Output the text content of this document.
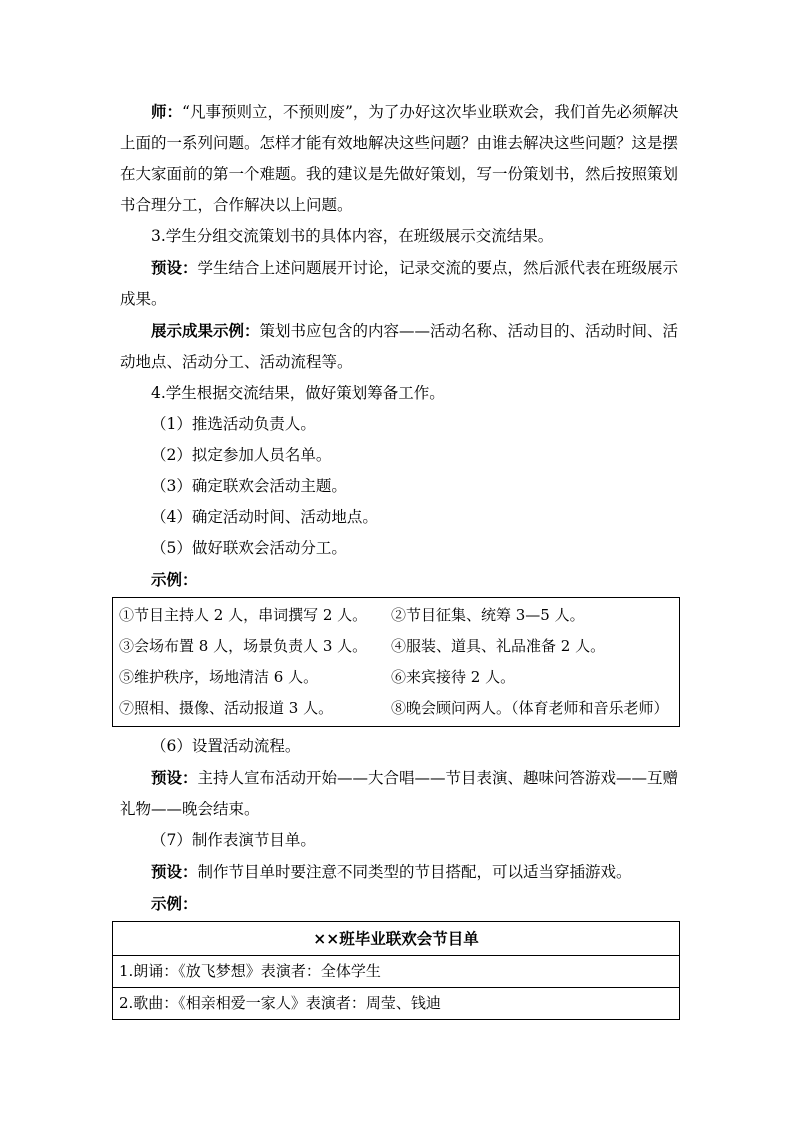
师：“凡事预则立，不预则废”，为了办好这次毕业联欢会，我们首先必须解决上面的一系列问题。怎样才能有效地解决这些问题？由谁去解决这些问题？这是摆在大家面前的第一个难题。我的建议是先做好策划，写一份策划书，然后按照策划书合理分工，合作解决以上问题。

3.学生分组交流策划书的具体内容，在班级展示交流结果。

预设：学生结合上述问题展开讨论，记录交流的要点，然后派代表在班级展示成果。

展示成果示例：策划书应包含的内容——活动名称、活动目的、活动时间、活动地点、活动分工、活动流程等。

4.学生根据交流结果，做好策划筹备工作。

（1）推选活动负责人。

（2）拟定参加人员名单。

（3）确定联欢会活动主题。

（4）确定活动时间、活动地点。

（5）做好联欢会活动分工。

示例：

①节目主持人 2 人，串词撰写 2 人。	②节目征集、统筹 3—5 人。
③会场布置 8 人，场景负责人 3 人。	④服装、道具、礼品准备 2 人。
⑤维护秩序，场地清洁 6 人。	⑥来宾接待 2 人。
⑦照相、摄像、活动报道 3 人。	⑧晚会顾问两人。（体育老师和音乐老师）

（6）设置活动流程。

预设：主持人宣布活动开始——大合唱——节目表演、趣味问答游戏——互赠礼物——晚会结束。

（7）制作表演节目单。

预设：制作节目单时要注意不同类型的节目搭配，可以适当穿插游戏。

示例：

××班毕业联欢会节目单
1.朗诵：《放飞梦想》表演者：全体学生
2.歌曲：《相亲相爱一家人》表演者：周莹、钱迪
